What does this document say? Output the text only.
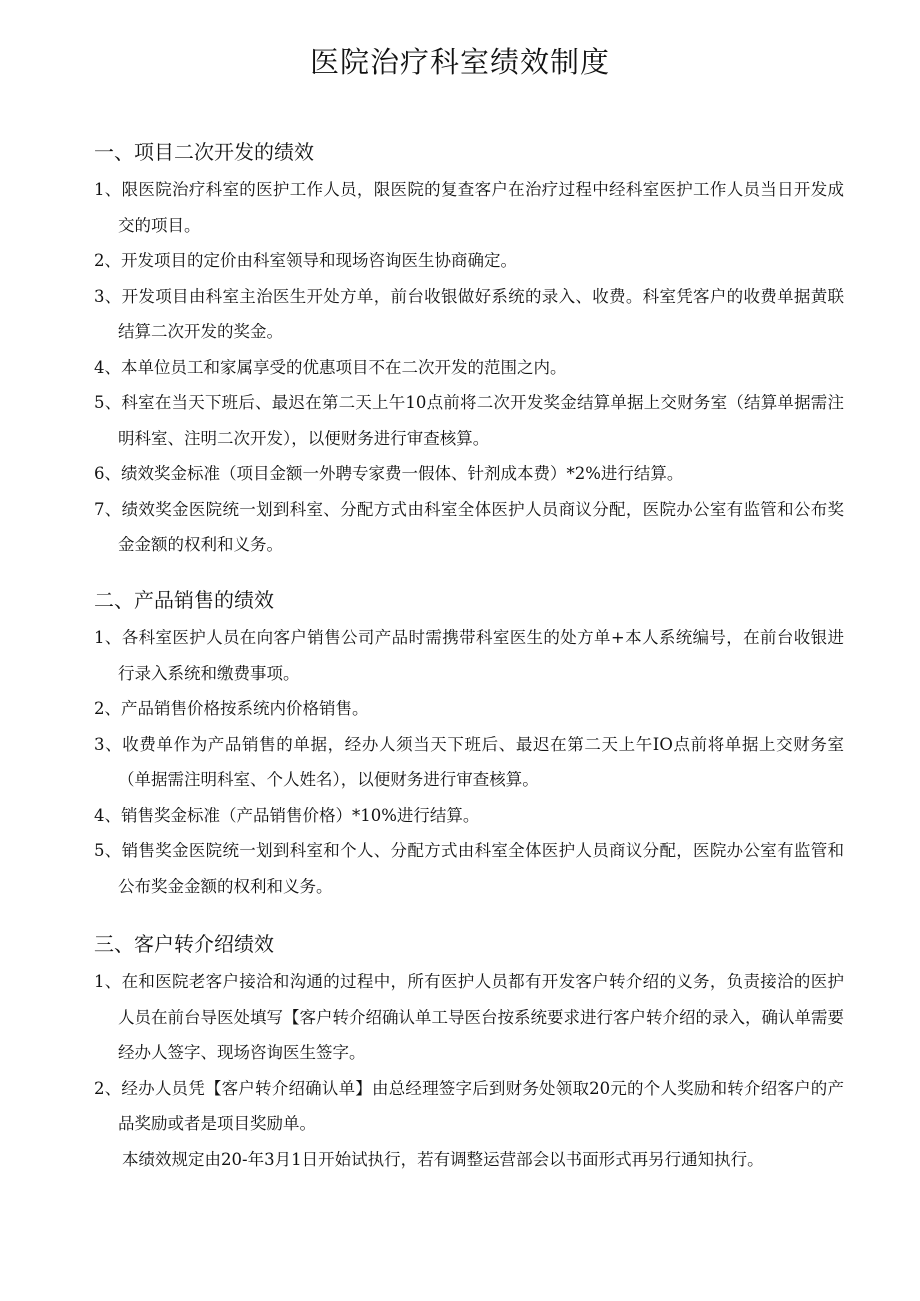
医院治疗科室绩效制度

一、项目二次开发的绩效

1、限医院治疗科室的医护工作人员，限医院的复查客户在治疗过程中经科室医护工作人员当日开发成交的项目。

2、开发项目的定价由科室领导和现场咨询医生协商确定。

3、开发项目由科室主治医生开处方单，前台收银做好系统的录入、收费。科室凭客户的收费单据黄联结算二次开发的奖金。

4、本单位员工和家属享受的优惠项目不在二次开发的范围之内。

5、科室在当天下班后、最迟在第二天上午10点前将二次开发奖金结算单据上交财务室（结算单据需注明科室、注明二次开发），以便财务进行审查核算。

6、绩效奖金标准（项目金额一外聘专家费一假体、针剂成本费）*2%进行结算。

7、绩效奖金医院统一划到科室、分配方式由科室全体医护人员商议分配，医院办公室有监管和公布奖金金额的权利和义务。

二、产品销售的绩效

1、各科室医护人员在向客户销售公司产品时需携带科室医生的处方单+本人系统编号，在前台收银进行录入系统和缴费事项。

2、产品销售价格按系统内价格销售。

3、收费单作为产品销售的单据，经办人须当天下班后、最迟在第二天上午IO点前将单据上交财务室（单据需注明科室、个人姓名），以便财务进行审查核算。

4、销售奖金标准（产品销售价格）*10%进行结算。

5、销售奖金医院统一划到科室和个人、分配方式由科室全体医护人员商议分配，医院办公室有监管和公布奖金金额的权利和义务。

三、客户转介绍绩效

1、在和医院老客户接洽和沟通的过程中，所有医护人员都有开发客户转介绍的义务，负责接洽的医护人员在前台导医处填写【客户转介绍确认单工导医台按系统要求进行客户转介绍的录入，确认单需要经办人签字、现场咨询医生签字。

2、经办人员凭【客户转介绍确认单】由总经理签字后到财务处领取20元的个人奖励和转介绍客户的产品奖励或者是项目奖励单。

本绩效规定由20-年3月1日开始试执行，若有调整运营部会以书面形式再另行通知执行。
